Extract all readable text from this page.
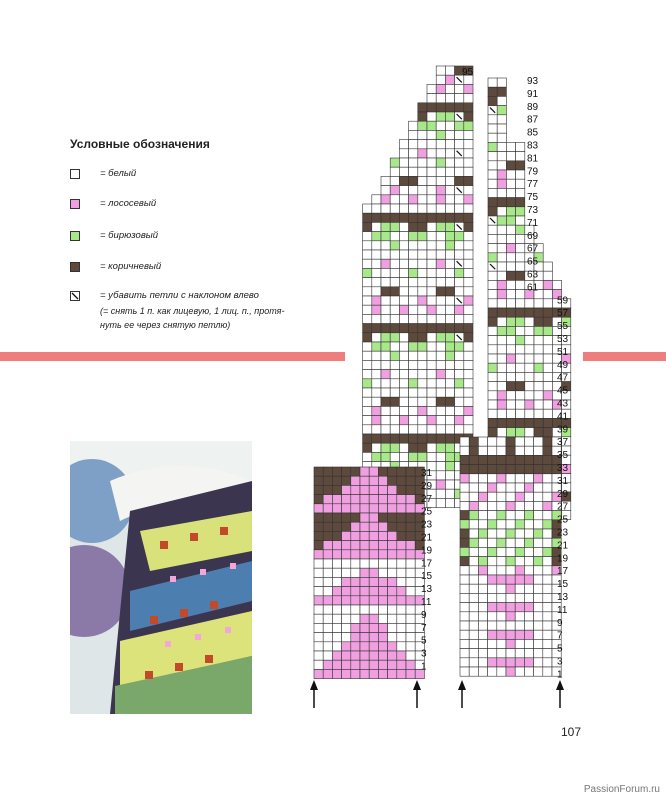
Условные обозначения
= белый
= лососевый
= бирюзовый
= коричневый
= убавить петли с наклоном влево
(= снять 1 п. как лицевую, 1 лиц. п., протя-
нуть ее через снятую петлю)
93
91
89
87
85
83
81
79
77
75
73
71
69
67
65
63
61
59
57
55
53
51
49
47
45
43
41
39
37
35
33
31
29
27
25
23
21
19
17
15
13
11
9
7
5
3
1
95
31
29
27
25
23
21
19
17
15
13
11
9
7
5
3
1
107
PassionForum.ru
